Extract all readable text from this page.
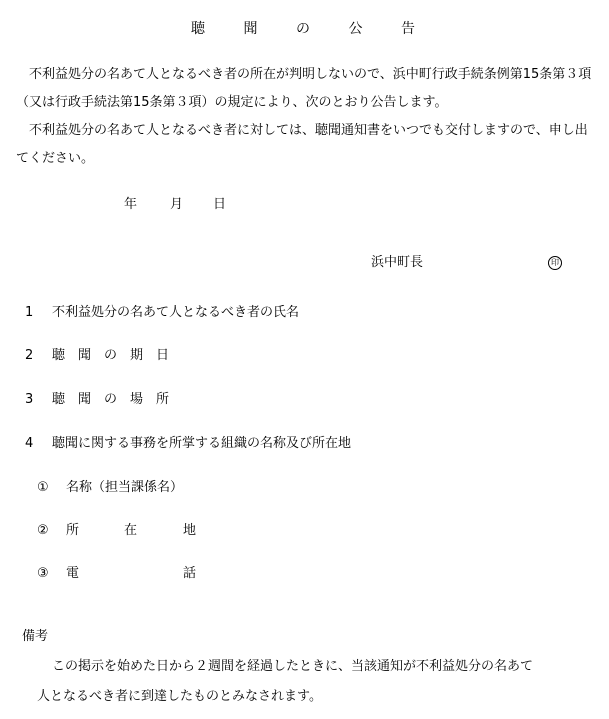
聴	聞	の	公	告
　不利益処分の名あて人となるべき者の所在が判明しないので、浜中町行政手続条例第15条第３項（又は行政手続法第15条第３項）の規定により、次のとおり公告します。
　不利益処分の名あて人となるべき者に対しては、聴聞通知書をいつでも交付しますので、申し出てください。
年	月 日
浜中町長	印
1 不利益処分の名あて人となるべき者の氏名
2 聴　聞　の　期　日
3 聴　聞　の　場　所
4 聴聞に関する事務を所掌する組織の名称及び所在地
① 名称（担当課係名）
② 所	在	地
③ 電	話
備考
この掲示を始めた日から２週間を経過したときに、当該通知が不利益処分の名あて
人となるべき者に到達したものとみなされます。
